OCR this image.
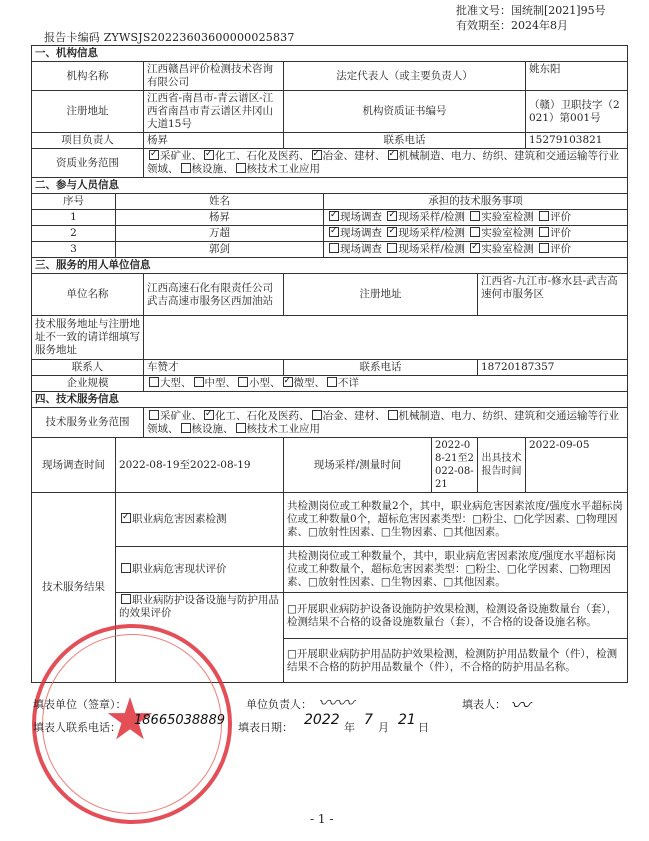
批准文号：国统制[2021]95号
有效期至：2024年8月
报告卡编码 ZYWSJS20223603600000025837
一、机构信息							
机构名称		江西赣昌评价检测技术咨询有限公司	法定代表人（或主要负责人）				姚东阳
注册地址		江西省-南昌市-青云谱区-江西省南昌市青云谱区井冈山大道15号	机构资质证书编号				（赣）卫职技字（2021）第001号
项目负责人		杨昇	联系电话				15279103821
资质业务范围	✓采矿业、 ✓ 化工、石化及医药、 ✓ 冶金、建材、 ✓ 机械制造、电力、纺织、建筑和交通运输等行业领域、 核设施、 核技术工业应用
二、参与人员信息							
序号	姓名			承担的技术服务事项			
1	杨昇	✓现场调查 ✓ 现场采样/检测 实验室检测 评价
2	万超	✓现场调查 ✓ 现场采样/检测 实验室检测 评价
3	郭剑			现场调查 现场采样/检测 ✓ 实验室检测 评价
三、服务的用人单位信息							
单位名称		江西高速石化有限责任公司武吉高速市服务区西加油站	注册地址			江西省-九江市-修水县-武吉高速何市服务区	
技术服务地址与注册地址不一致的请详细填写服务地址							
联系人		车赞才	联系电话			18720187357	
企业规模		大型、 中型、 小型、 ✓ 微型、 不详
四、技术服务信息							
技术服务业务范围		采矿业、 ✓ 化工、石化及医药、 冶金、建材、 机械制造、电力、纺织、建筑和交通运输等行业领域、 核设施、 核技术工业应用
现场调查时间	2022-08-19至2022-08-19		现场采样/测量时间		2022-08-21至2022-08-21	出具技术报告时间	2022-09-05
技术服务结果	✓职业病危害因素检测		共检测岗位或工种数量2个，其中，职业病危害因素浓度/强度水平超标岗位或工种数量0个，超标危害因素类型：□粉尘、□化学因素、□物理因素、□放射性因素、□生物因素、□其他因素。				
	职业病危害现状评价		共检测岗位或工种数量个，其中，职业病危害因素浓度/强度水平超标岗位或工种数量个，超标危害因素类型：□粉尘、□化学因素、□物理因素、□放射性因素、□生物因素、□其他因素。				
	职业病防护设备设施与防护用品的效果评价		□开展职业病防护设备设施防护效果检测，检测设备设施数量台（套），检测结果不合格的设备设施数量台（套），不合格的设备设施名称。				
			□开展职业病防护用品防护效果检测，检测防护用品数量个（件），检测结果不合格的防护用品数量个（件），不合格的防护用品名称。				
★
填表单位（签章）：	单位负责人： 〰〰	填表人： 〰
填表人联系电话： 18665038889 填表日期： 2022 年 7 月 21 日
- 1 -
